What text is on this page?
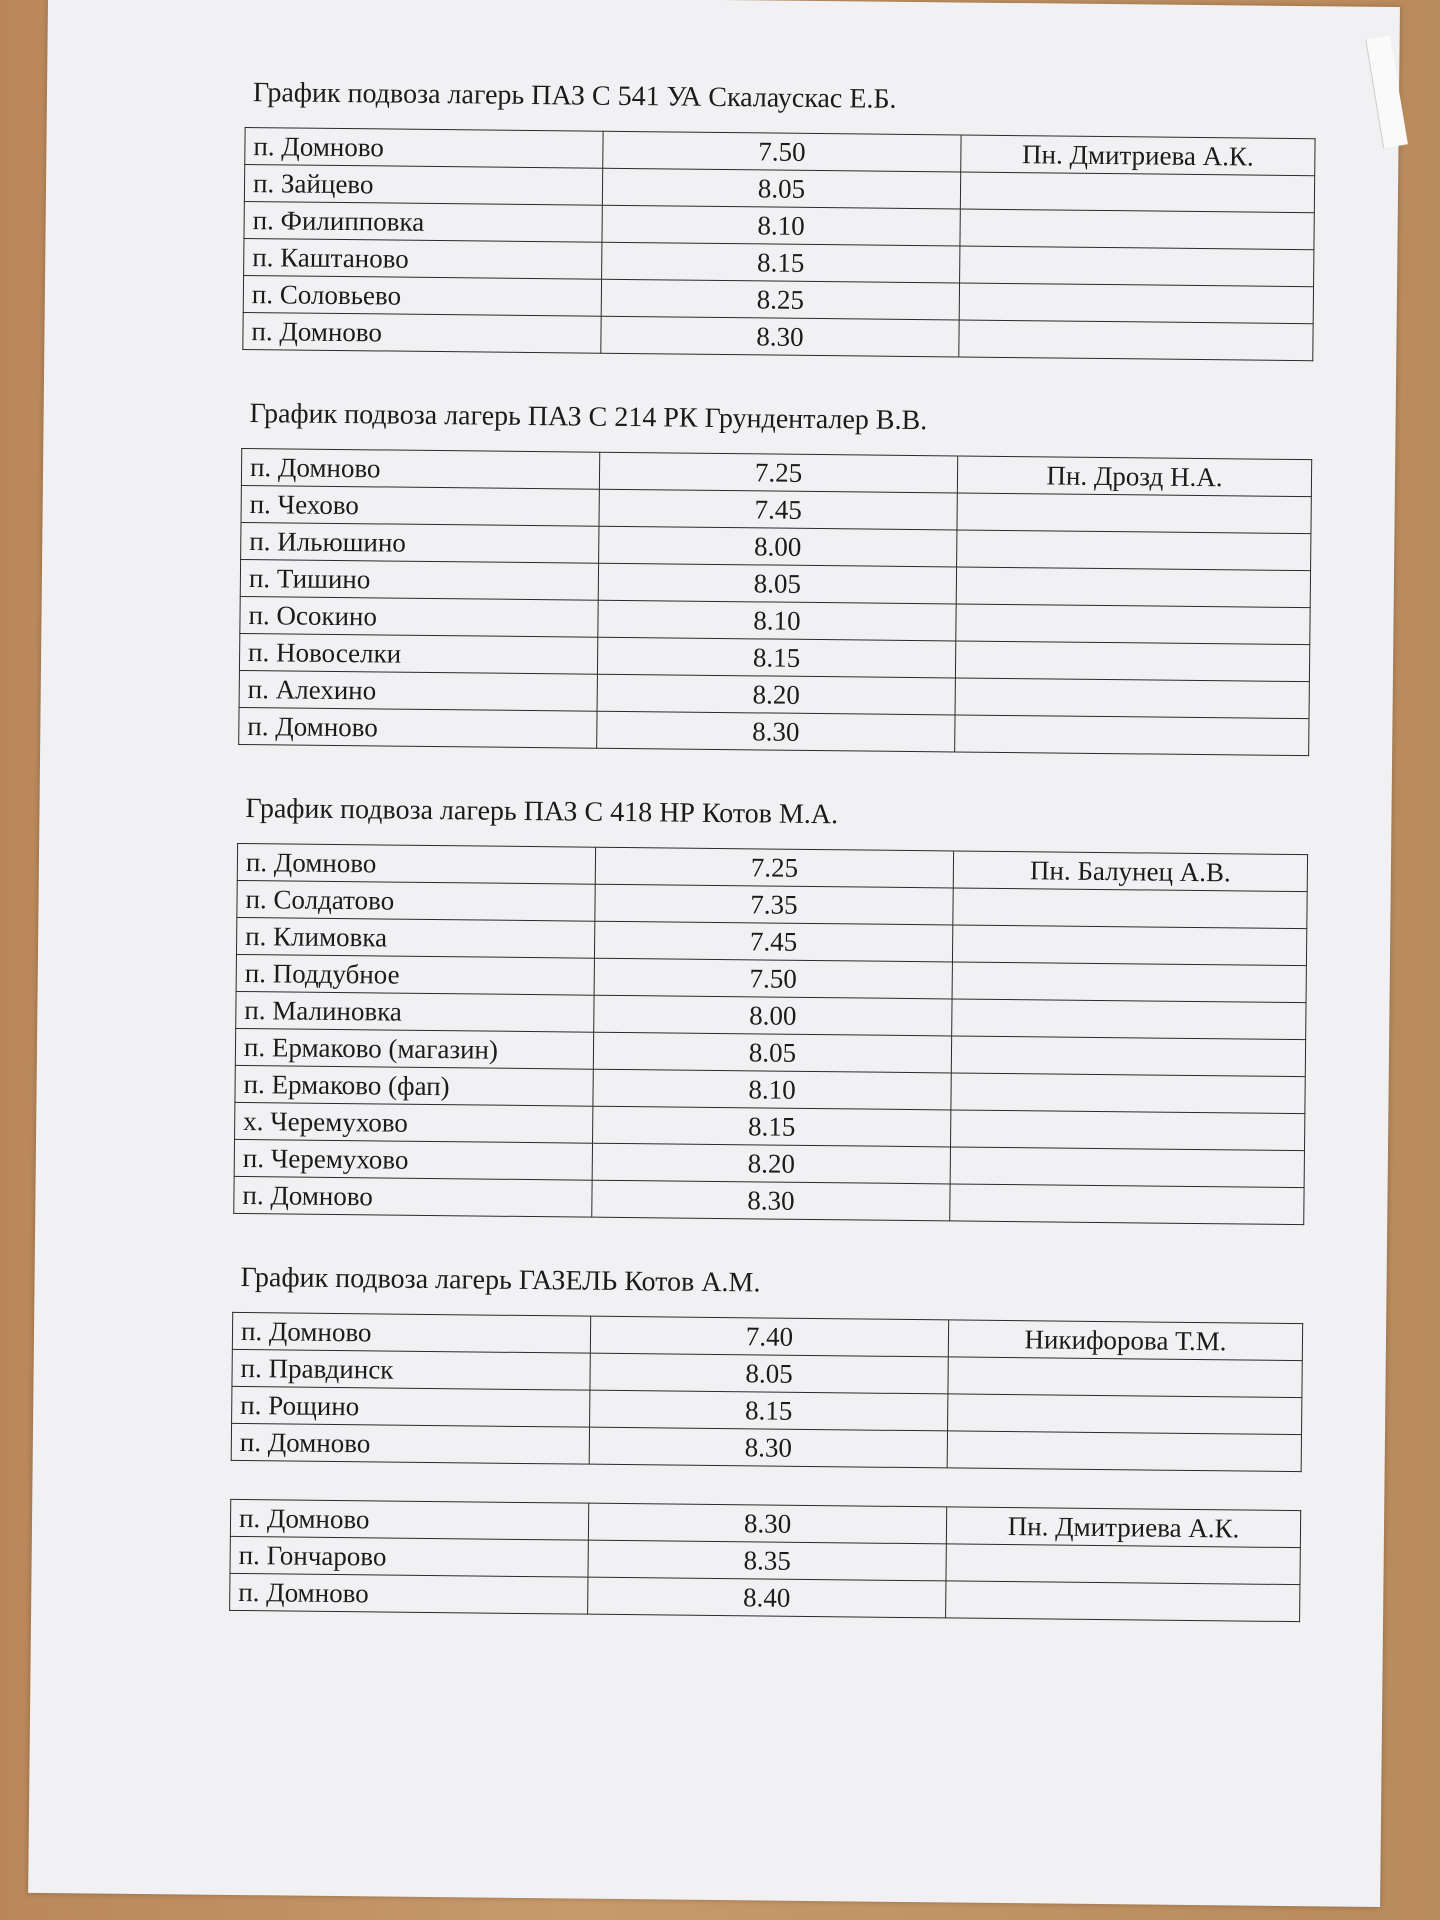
График подвоза лагерь ПАЗ С 541 УА Скалаускас Е.Б.
п. Домново	7.50	Пн. Дмитриева А.К.
п. Зайцево	8.05	
п. Филипповка	8.10	
п. Каштаново	8.15	
п. Соловьево	8.25	
п. Домново	8.30	
График подвоза лагерь ПАЗ С 214 РК Грунденталер В.В.
п. Домново	7.25	Пн. Дрозд Н.А.
п. Чехово	7.45	
п. Ильюшино	8.00	
п. Тишино	8.05	
п. Осокино	8.10	
п. Новоселки	8.15	
п. Алехино	8.20	
п. Домново	8.30	
График подвоза лагерь ПАЗ С 418 НР Котов М.А.
п. Домново	7.25	Пн. Балунец А.В.
п. Солдатово	7.35	
п. Климовка	7.45	
п. Поддубное	7.50	
п. Малиновка	8.00	
п. Ермаково (магазин)	8.05	
п. Ермаково (фап)	8.10	
х. Черемухово	8.15	
п. Черемухово	8.20	
п. Домново	8.30	
График подвоза лагерь ГАЗЕЛЬ Котов А.М.
п. Домново	7.40	Никифорова Т.М.
п. Правдинск	8.05	
п. Рощино	8.15	
п. Домново	8.30	
п. Домново	8.30	Пн. Дмитриева А.К.
п. Гончарово	8.35	
п. Домново	8.40	
